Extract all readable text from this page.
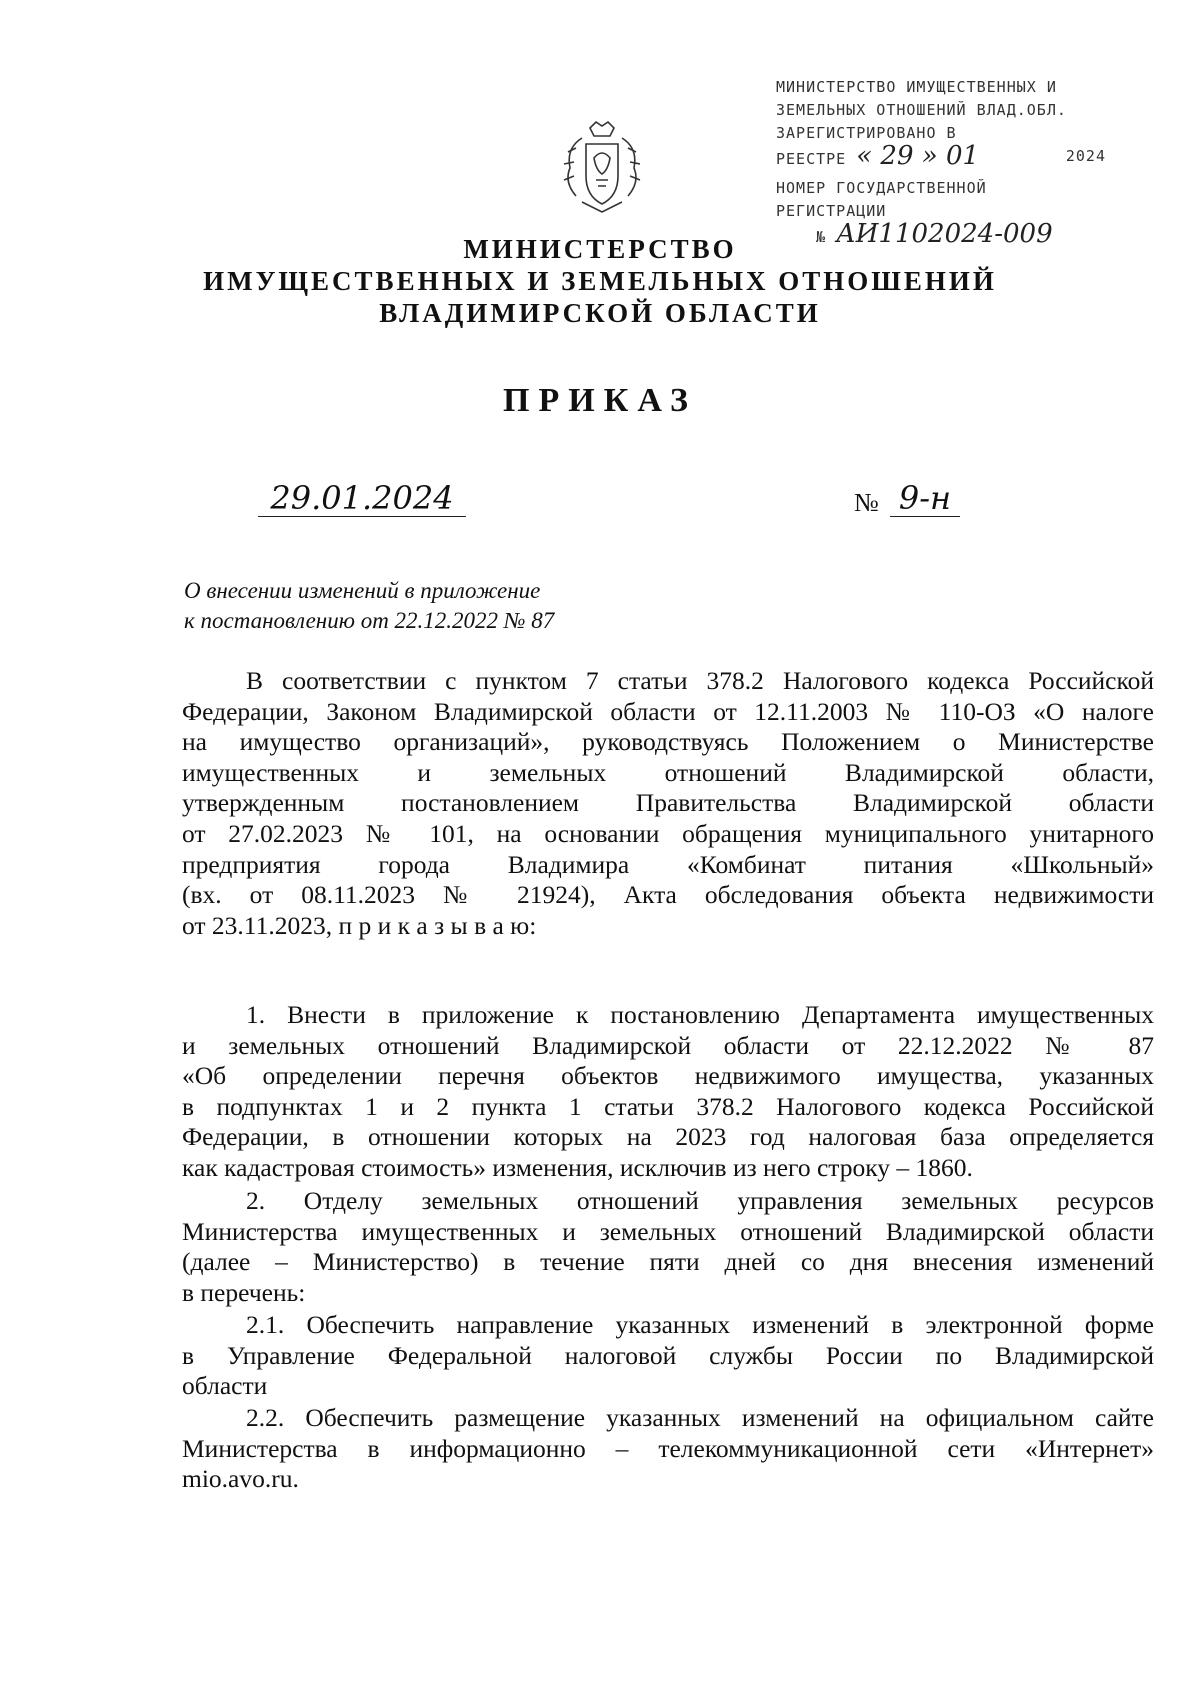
МИНИСТЕРСТВО ИМУЩЕСТВЕННЫХ И
ЗЕМЕЛЬНЫХ ОТНОШЕНИЙ ВЛАД.ОБЛ.
ЗАРЕГИСТРИРОВАНО В
РЕЕСТРЕ « 29 » 01	2024
НОМЕР ГОСУДАРСТВЕННОЙ РЕГИСТРАЦИИ
№ АИ1102024-009
МИНИСТЕРСТВО
ИМУЩЕСТВЕННЫХ И ЗЕМЕЛЬНЫХ ОТНОШЕНИЙ
ВЛАДИМИРСКОЙ ОБЛАСТИ
ПРИКАЗ
29.01.2024	№ 9-н
О внесении изменений в приложение
к постановлению от 22.12.2022 № 87

В соответствии с пунктом 7 статьи 378.2 Налогового кодекса Российской

Федерации, Законом Владимирской области от 12.11.2003 № 110-ОЗ «О налоге

на имущество организаций», руководствуясь Положением о Министерстве

имущественных и земельных отношений Владимирской области,

утвержденным постановлением Правительства Владимирской области

от 27.02.2023 № 101, на основании обращения муниципального унитарного

предприятия города Владимира «Комбинат питания «Школьный»

(вх. от 08.11.2023 № 21924), Акта обследования объекта недвижимости

от 23.11.2023, п р и к а з ы в а ю:

1. Внести в приложение к постановлению Департамента имущественных

и земельных отношений Владимирской области от 22.12.2022 № 87

«Об определении перечня объектов недвижимого имущества, указанных

в подпунктах 1 и 2 пункта 1 статьи 378.2 Налогового кодекса Российской

Федерации, в отношении которых на 2023 год налоговая база определяется

как кадастровая стоимость» изменения, исключив из него строку – 1860.

2. Отделу земельных отношений управления земельных ресурсов

Министерства имущественных и земельных отношений Владимирской области

(далее – Министерство) в течение пяти дней со дня внесения изменений

в перечень:

2.1. Обеспечить направление указанных изменений в электронной форме

в Управление Федеральной налоговой службы России по Владимирской

области

2.2. Обеспечить размещение указанных изменений на официальном сайте

Министерства в информационно – телекоммуникационной сети «Интернет»

mio.avo.ru.
